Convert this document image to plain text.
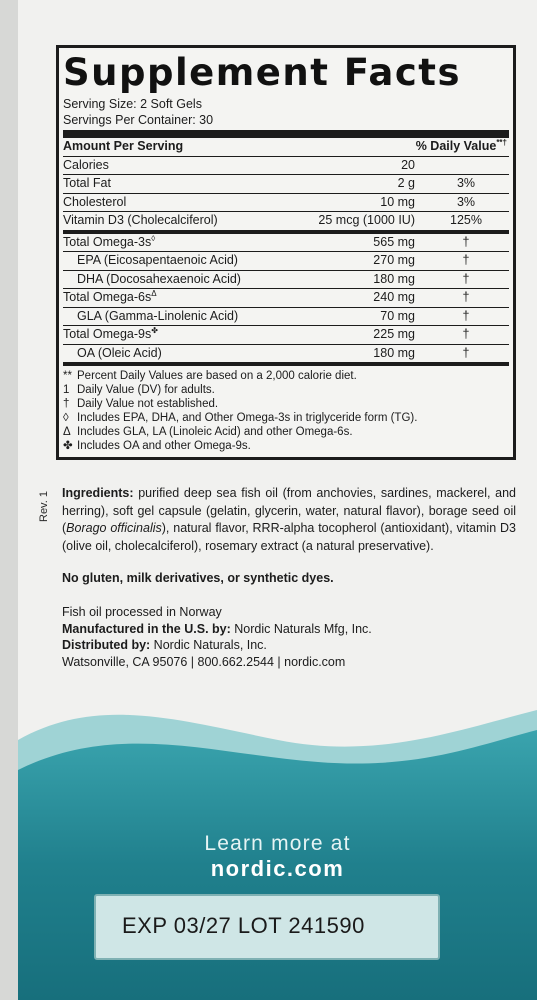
Supplement Facts
Serving Size: 2 Soft Gels
Servings Per Container: 30
Amount Per Serving	% Daily Value**†
Calories	20
Total Fat	2 g	3%
Cholesterol	10 mg	3%
Vitamin D3 (Cholecalciferol)	25 mcg (1000 IU)	125%
Total Omega-3s◊	565 mg	†
EPA (Eicosapentaenoic Acid)	270 mg	†
DHA (Docosahexaenoic Acid)	180 mg	†
Total Omega-$6s^\Delta$	240 mg	†
GLA (Gamma-Linolenic Acid)	70 mg	†
Total Omega-9s✤	225 mg	†
OA (Oleic Acid)	180 mg	†
** Percent Daily Values are based on a 2,000 calorie diet.
1 Daily Value (DV) for adults.
† Daily Value not established.
◊ Includes EPA, DHA, and Other Omega-3s in triglyceride form (TG).
Δ Includes GLA, LA (Linoleic Acid) and other Omega-6s.
✤ Includes OA and other Omega-9s.
Rev. 1 Ingredients: purified deep sea fish oil (from anchovies, sardines, mackerel, and herring), soft gel capsule (gelatin, glycerin, water, natural flavor), borage seed oil (Borago officinalis), natural flavor, RRR-alpha tocopherol (antioxidant), vitamin D3 (olive oil, cholecalciferol), rosemary extract (a natural preservative).
No gluten, milk derivatives, or synthetic dyes.
Fish oil processed in Norway
Manufactured in the U.S. by: Nordic Naturals Mfg, Inc.
Distributed by: Nordic Naturals, Inc.
Watsonville, CA 95076 | 800.662.2544 | nordic.com
Learn more at
nordic.com
EXP 03/27 LOT 241590
